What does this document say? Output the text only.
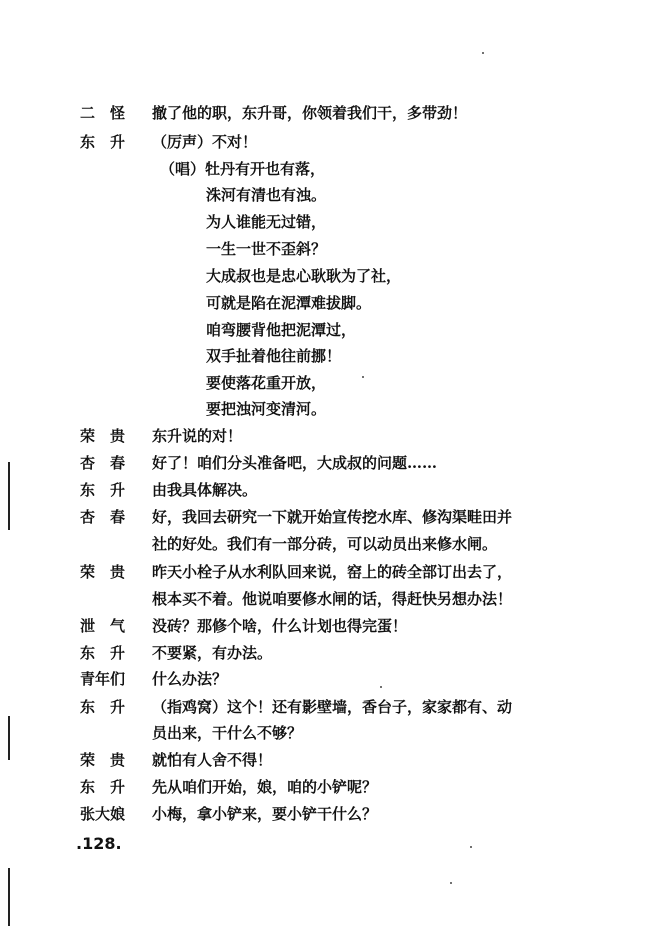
二　怪 撤了他的职，东升哥，你领着我们干，多带劲！
东　升 （厉声）不对！
（唱）牡丹有开也有落，
洙河有清也有浊。
为人谁能无过错，
一生一世不歪斜？
大成叔也是忠心耿耿为了社，
可就是陷在泥潭难拔脚。
咱弯腰背他把泥潭过，
双手扯着他往前挪！
要使落花重开放，
要把浊河变清河。
荣　贵 东升说的对！
杏　春 好了！咱们分头准备吧，大成叔的问题……
东　升 由我具体解决。
杏　春 好，我回去研究一下就开始宣传挖水库、修沟渠畦田并
社的好处。我们有一部分砖，可以动员出来修水闸。
荣　贵 昨天小栓子从水利队回来说，窑上的砖全部订出去了，
根本买不着。他说咱要修水闸的话，得赶快另想办法！
泄　气 没砖？那修个啥，什么计划也得完蛋！
东　升 不要紧，有办法。
青年们 什么办法？
东　升 （指鸡窝）这个！还有影壁墙，香台子，家家都有、动
员出来，干什么不够？
荣　贵 就怕有人舍不得！
东　升 先从咱们开始，娘，咱的小铲呢？
张大娘 小梅，拿小铲来，要小铲干什么？
.128.
